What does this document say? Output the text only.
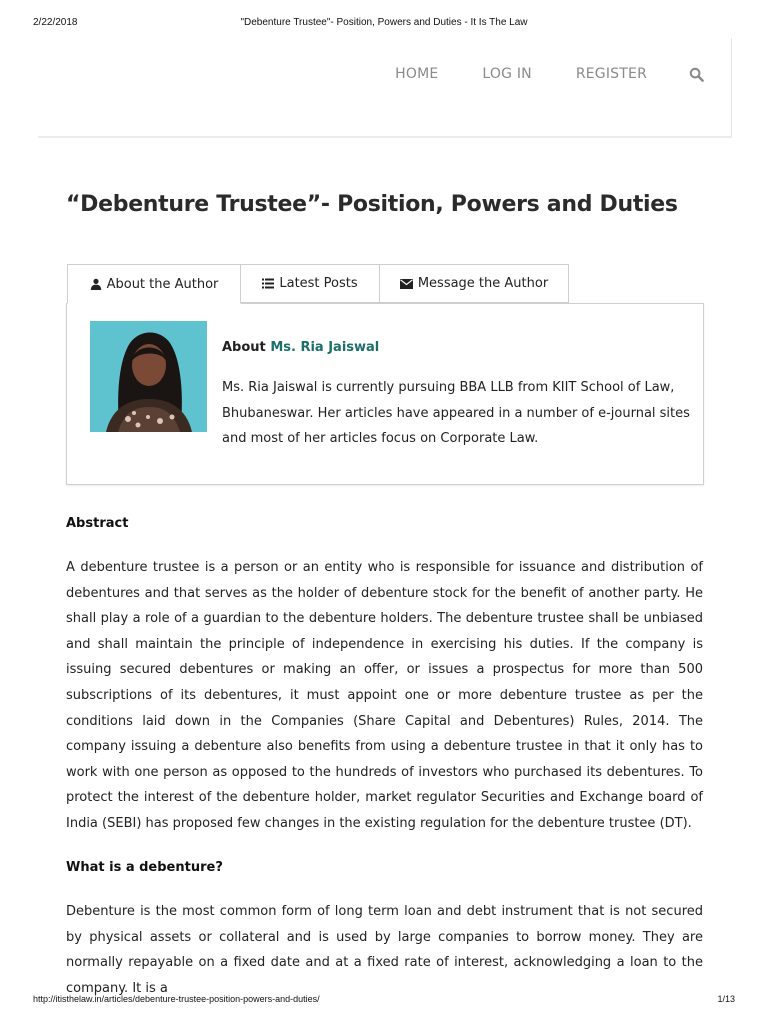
2/22/2018	"Debenture Trustee"- Position, Powers and Duties - It Is The Law
HOME	LOG IN	REGISTER
“Debenture Trustee”- Position, Powers and Duties
About the Author	Latest Posts	Message the Author
About Ms. Ria Jaiswal
Ms. Ria Jaiswal is currently pursuing BBA LLB from KIIT School of Law, Bhubaneswar. Her articles have appeared in a number of e-journal sites and most of her articles focus on Corporate Law.
Abstract
A debenture trustee is a person or an entity who is responsible for issuance and distribution of debentures and that serves as the holder of debenture stock for the benefit of another party. He shall play a role of a guardian to the debenture holders. The debenture trustee shall be unbiased and shall maintain the principle of independence in exercising his duties. If the company is issuing secured debentures or making an offer, or issues a prospectus for more than 500 subscriptions of its debentures, it must appoint one or more debenture trustee as per the conditions laid down in the Companies (Share Capital and Debentures) Rules, 2014. The company issuing a debenture also benefits from using a debenture trustee in that it only has to work with one person as opposed to the hundreds of investors who purchased its debentures. To protect the interest of the debenture holder, market regulator Securities and Exchange board of India (SEBI) has proposed few changes in the existing regulation for the debenture trustee (DT).
What is a debenture?
Debenture is the most common form of long term loan and debt instrument that is not secured by physical assets or collateral and is used by large companies to borrow money. They are normally repayable on a fixed date and at a fixed rate of interest, acknowledging a loan to the company. It is a
http://itisthelaw.in/articles/debenture-trustee-position-powers-and-duties/	1/13
